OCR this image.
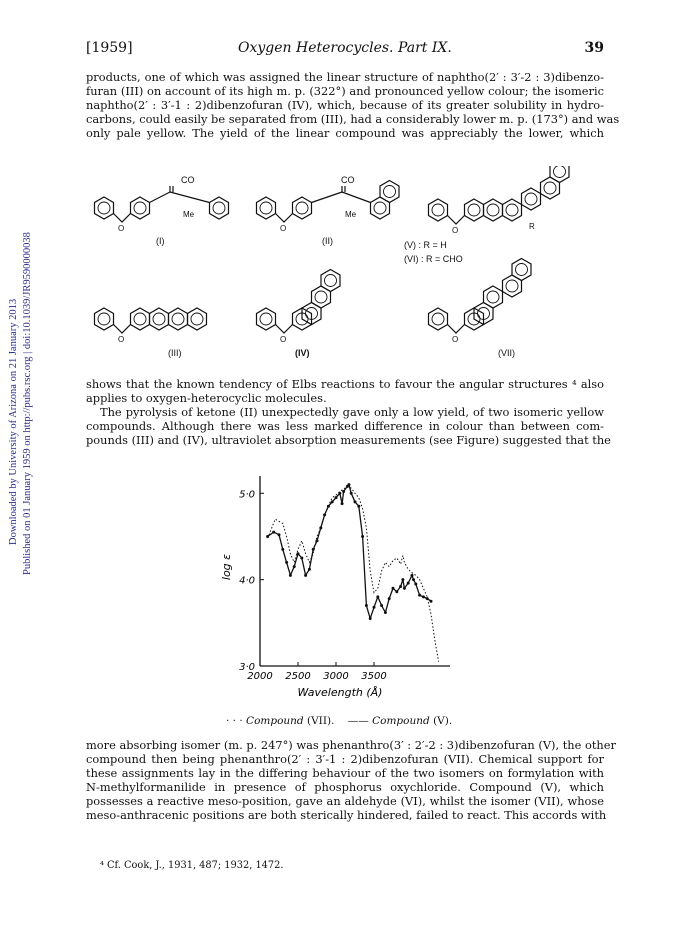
Downloaded by University of Arizona on 21 January 2013 Published on 01 January 1959 on http://pubs.rsc.org | doi:10.1039/JR9590000038
[1959]	Oxygen Heterocycles. Part IX.	39

products, one of which was assigned the linear structure of naphtho(2′ : 3′-2 : 3)dibenzo-
furan (III) on account of its high m. p. (322°) and pronounced yellow colour; the isomeric
naphtho(2′ : 3′-1 : 2)dibenzofuran (IV), which, because of its greater solubility in hydro-
carbons, could easily be separated from (III), had a considerably lower m. p. (173°) and was
only pale yellow. The yield of the linear compound was appreciably the lower, which

CO
Me
O
(I)
CO
Me
O
(II)
O	R
(V) : R = H
(VI) : R = CHO
O
(III)
O
(IV)
O
(VII)

shows that the known tendency of Elbs reactions to favour the angular structures ⁴ also
applies to oxygen-heterocyclic molecules.
The pyrolysis of ketone (II) unexpectedly gave only a low yield, of two isomeric yellow
compounds. Although there was less marked difference in colour than between com-
pounds (III) and (IV), ultraviolet absorption measurements (see Figure) suggested that the

2000 2500 3000 3500
3·0
4·0
5·0
Wavelength (Å)
log ε
· · · Compound (VII). —— Compound (V).

more absorbing isomer (m. p. 247°) was phenanthro(3′ : 2′-2 : 3)dibenzofuran (V), the other
compound then being phenanthro(2′ : 3′-1 : 2)dibenzofuran (VII). Chemical support for
these assignments lay in the differing behaviour of the two isomers on formylation with
N-methylformanilide in presence of phosphorus oxychloride. Compound (V), which
possesses a reactive meso-position, gave an aldehyde (VI), whilst the isomer (VII), whose
meso-anthracenic positions are both sterically hindered, failed to react. This accords with

⁴ Cf. Cook, J., 1931, 487; 1932, 1472.
